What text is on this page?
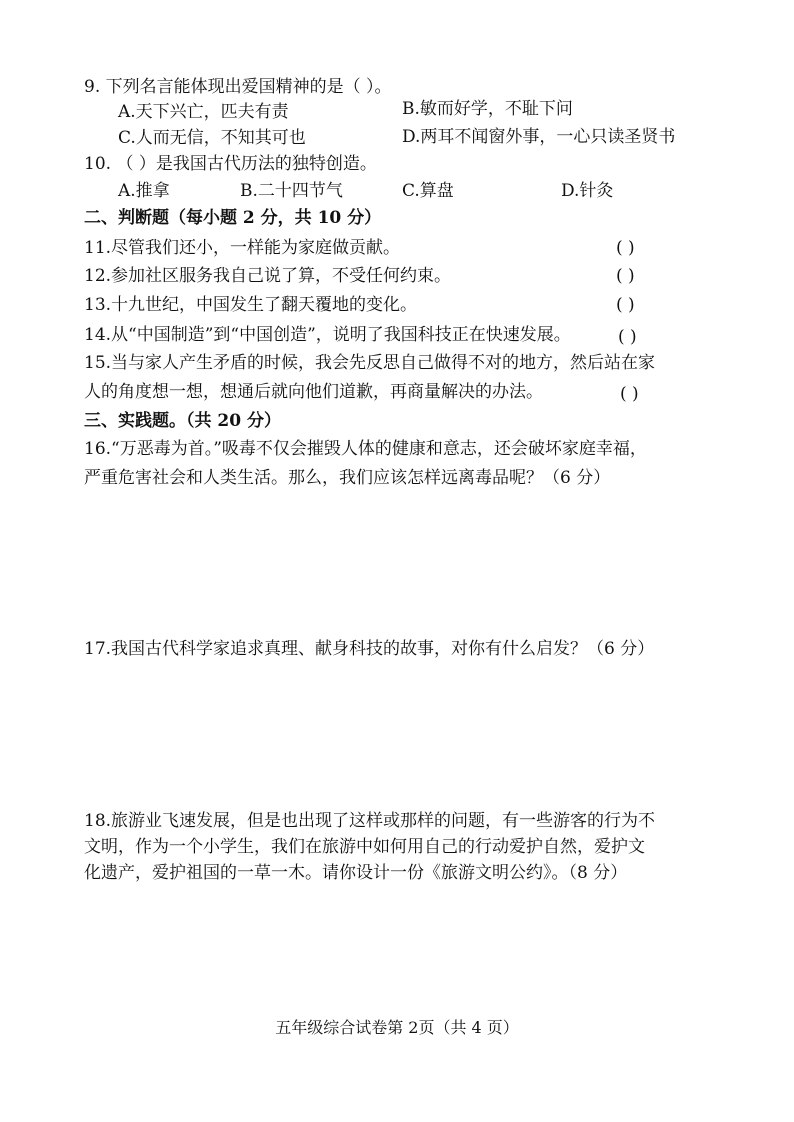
9. 下列名言能体现出爱国精神的是（ ）。
A.天下兴亡，匹夫有责	B.敏而好学，不耻下问
C.人而无信，不知其可也	D.两耳不闻窗外事，一心只读圣贤书
10. （ ）是我国古代历法的独特创造。
A.推拿	B.二十四节气	C.算盘	D.针灸
二、判断题（每小题 2 分，共 10 分）
11.尽管我们还小，一样能为家庭做贡献。	( )
12.参加社区服务我自己说了算，不受任何约束。	( )
13.十九世纪，中国发生了翻天覆地的变化。	( )
14.从“中国制造”到“中国创造”，说明了我国科技正在快速发展。	( )
15.当与家人产生矛盾的时候，我会先反思自己做得不对的地方，然后站在家
人的角度想一想，想通后就向他们道歉，再商量解决的办法。	( )
三、实践题。（共 20 分）
16.“万恶毒为首。”吸毒不仅会摧毁人体的健康和意志，还会破坏家庭幸福，
严重危害社会和人类生活。那么，我们应该怎样远离毒品呢？（6 分）
17.我国古代科学家追求真理、献身科技的故事，对你有什么启发？（6 分）
18.旅游业飞速发展，但是也出现了这样或那样的问题，有一些游客的行为不
文明，作为一个小学生，我们在旅游中如何用自己的行动爱护自然，爱护文
化遗产，爱护祖国的一草一木。请你设计一份《旅游文明公约》。（8 分）
五年级综合试卷第 2页（共 4 页）
